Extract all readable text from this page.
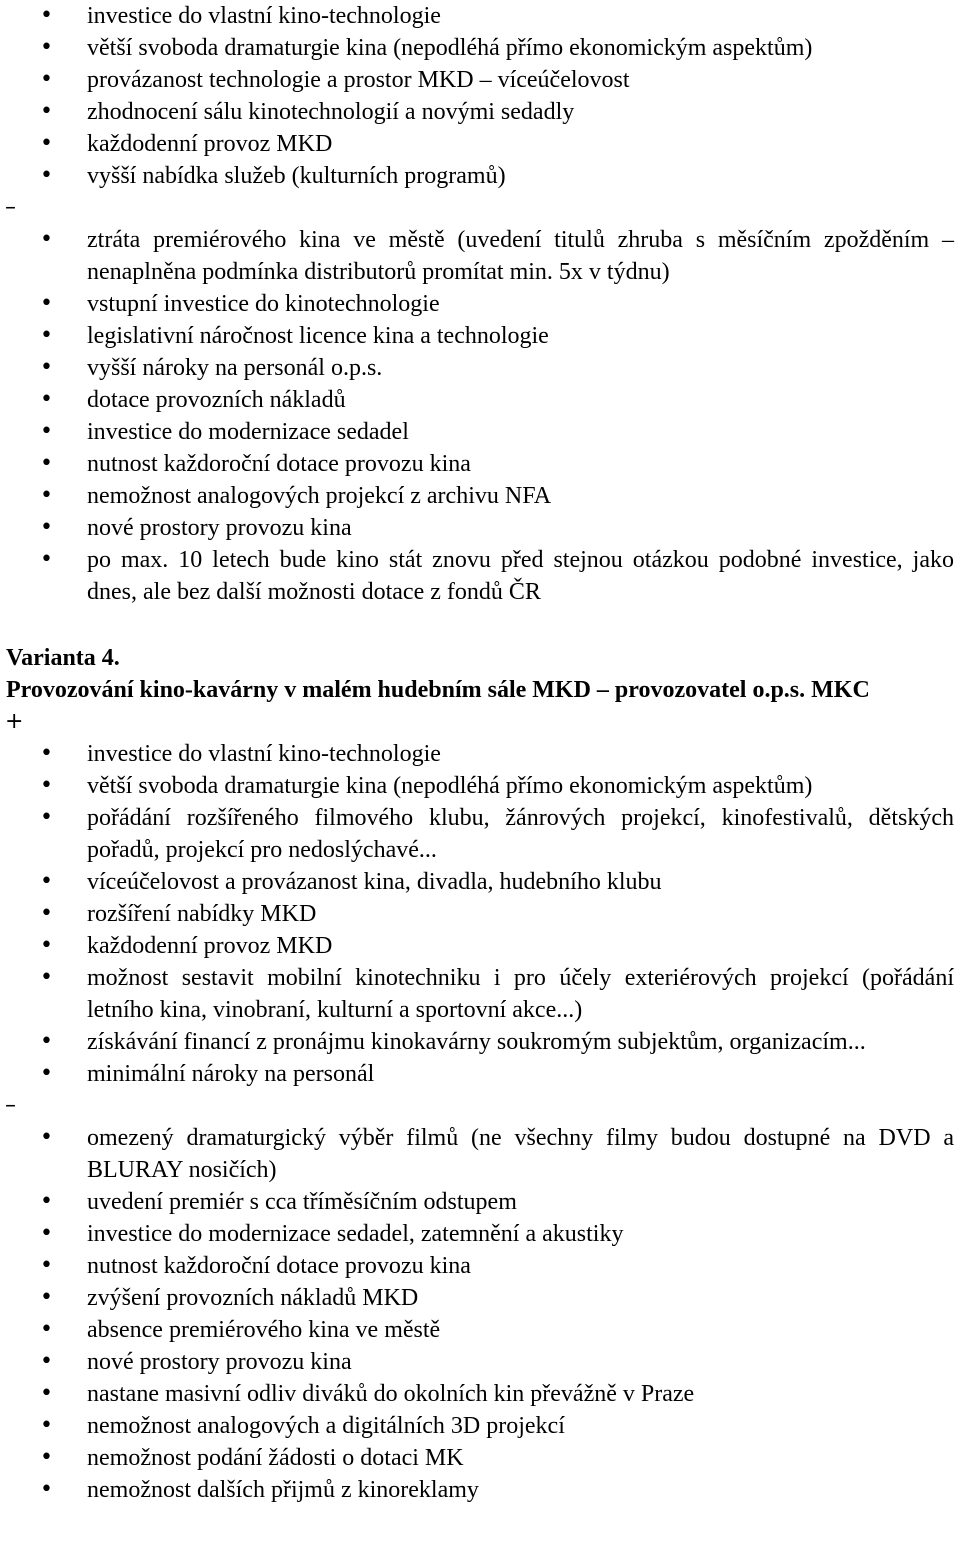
• investice do vlastní kino-technologie
• větší svoboda dramaturgie kina (nepodléhá přímo ekonomickým aspektům)
• provázanost technologie a prostor MKD – víceúčelovost
• zhodnocení sálu kinotechnologií a novými sedadly
• každodenní provoz MKD
• vyšší nabídka služeb (kulturních programů)
–
• ztráta premiérového kina ve městě (uvedení titulů zhruba s měsíčním zpožděním – nenaplněna podmínka distributorů promítat min. 5x v týdnu)
• vstupní investice do kinotechnologie
• legislativní náročnost licence kina a technologie
• vyšší nároky na personál o.p.s.
• dotace provozních nákladů
• investice do modernizace sedadel
• nutnost každoroční dotace provozu kina
• nemožnost analogových projekcí z archivu NFA
• nové prostory provozu kina
• po max. 10 letech bude kino stát znovu před stejnou otázkou podobné investice, jako dnes, ale bez další možnosti dotace z fondů ČR
Varianta 4.
Provozování kino-kavárny v malém hudebním sále MKD – provozovatel o.p.s. MKC
+
• investice do vlastní kino-technologie
• větší svoboda dramaturgie kina (nepodléhá přímo ekonomickým aspektům)
• pořádání rozšířeného filmového klubu, žánrových projekcí, kinofestivalů, dětských pořadů, projekcí pro nedoslýchavé...
• víceúčelovost a provázanost kina, divadla, hudebního klubu
• rozšíření nabídky MKD
• každodenní provoz MKD
• možnost sestavit mobilní kinotechniku i pro účely exteriérových projekcí (pořádání letního kina, vinobraní, kulturní a sportovní akce...)
• získávání financí z pronájmu kinokavárny soukromým subjektům, organizacím...
• minimální nároky na personál
–
• omezený dramaturgický výběr filmů (ne všechny filmy budou dostupné na DVD a BLURAY nosičích)
• uvedení premiér s cca tříměsíčním odstupem
• investice do modernizace sedadel, zatemnění a akustiky
• nutnost každoroční dotace provozu kina
• zvýšení provozních nákladů MKD
• absence premiérového kina ve městě
• nové prostory provozu kina
• nastane masivní odliv diváků do okolních kin převážně v Praze
• nemožnost analogových a digitálních 3D projekcí
• nemožnost podání žádosti o dotaci MK
• nemožnost dalších přijmů z kinoreklamy
